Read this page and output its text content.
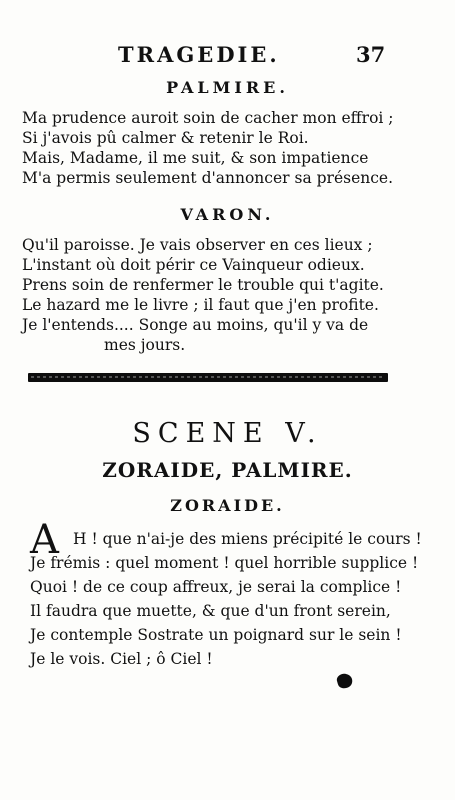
TRAGEDIE.	37
PALMIRE.
Ma prudence auroit soin de cacher mon effroi ;
Si j'avois pû calmer & retenir le Roi.
Mais, Madame, il me suit, & son impatience
M'a permis seulement d'annoncer sa présence.
VARON.
Qu'il paroisse. Je vais observer en ces lieux ;
L'instant où doit périr ce Vainqueur odieux.
Prens soin de renfermer le trouble qui t'agite.
Le hazard me le livre ; il faut que j'en profite.
Je l'entends.... Songe au moins, qu'il y va de
mes jours.
SCENE V.
ZORAIDE, PALMIRE.
ZORAIDE.
A H ! que n'ai-je des miens précipité le cours !
Je frémis : quel moment ! quel horrible supplice !
Quoi ! de ce coup affreux, je serai la complice !
Il faudra que muette, & que d'un front serein,
Je contemple Sostrate un poignard sur le sein !
Je le vois. Ciel ; ô Ciel !
